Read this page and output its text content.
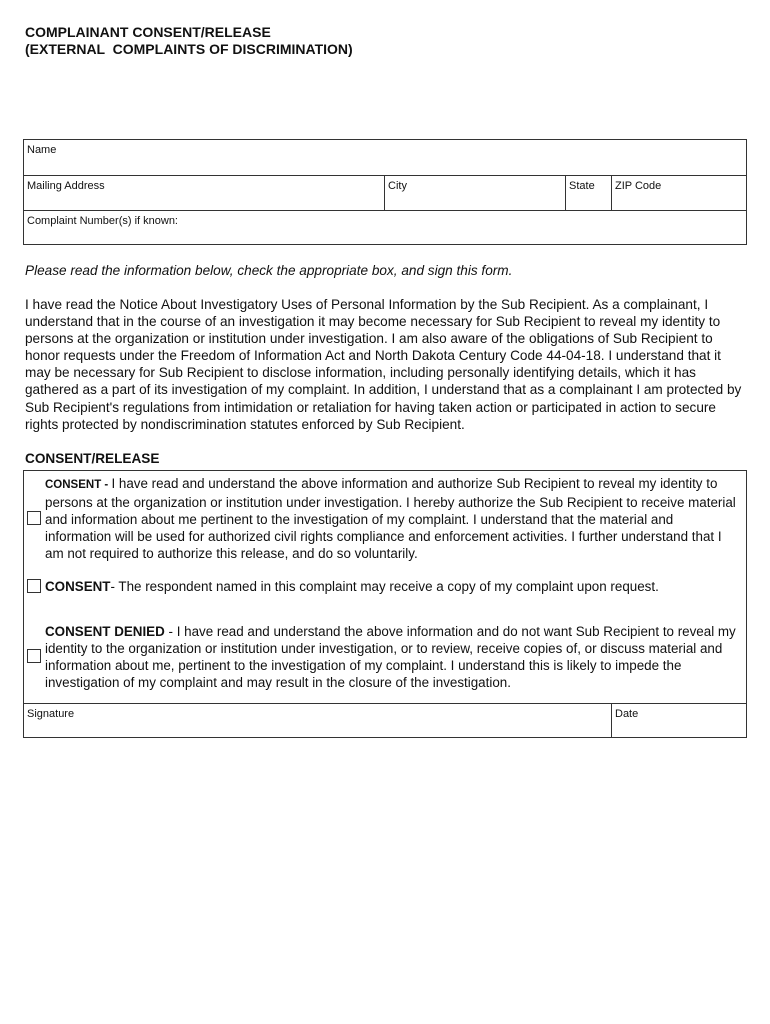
COMPLAINANT CONSENT/RELEASE
(EXTERNAL  COMPLAINTS OF DISCRIMINATION)
Name
Mailing Address	City	State ZIP Code
Complaint Number(s) if known:

Please read the information below, check the appropriate box, and sign this form.

I have read the Notice About Investigatory Uses of Personal Information by the Sub Recipient. As a complainant, I understand that in the course of an investigation it may become necessary for Sub Recipient to reveal my identity to persons at the organization or institution under investigation. I am also aware of the obligations of Sub Recipient to honor requests under the Freedom of Information Act and North Dakota Century Code 44-04-18. I understand that it may be necessary for Sub Recipient to disclose information, including personally identifying details, which it has gathered as a part of its investigation of my complaint. In addition, I understand that as a complainant I am protected by Sub Recipient's regulations from intimidation or retaliation for having taken action or participated in action to secure rights protected by nondiscrimination statutes enforced by Sub Recipient.

CONSENT/RELEASE

CONSENT - I have read and understand the above information and authorize Sub Recipient to reveal my identity to persons at the organization or institution under investigation. I hereby authorize the Sub Recipient to receive material and information about me pertinent to the investigation of my complaint. I understand that the material and information will be used for authorized civil rights compliance and enforcement activities. I further understand that I am not required to authorize this release, and do so voluntarily.
CONSENT- The respondent named in this complaint may receive a copy of my complaint upon request.
CONSENT DENIED - I have read and understand the above information and do not want Sub Recipient to reveal my identity to the organization or institution under investigation, or to review, receive copies of, or discuss material and information about me, pertinent to the investigation of my complaint. I understand this is likely to impede the investigation of my complaint and may result in the closure of the investigation.
Signature	Date
